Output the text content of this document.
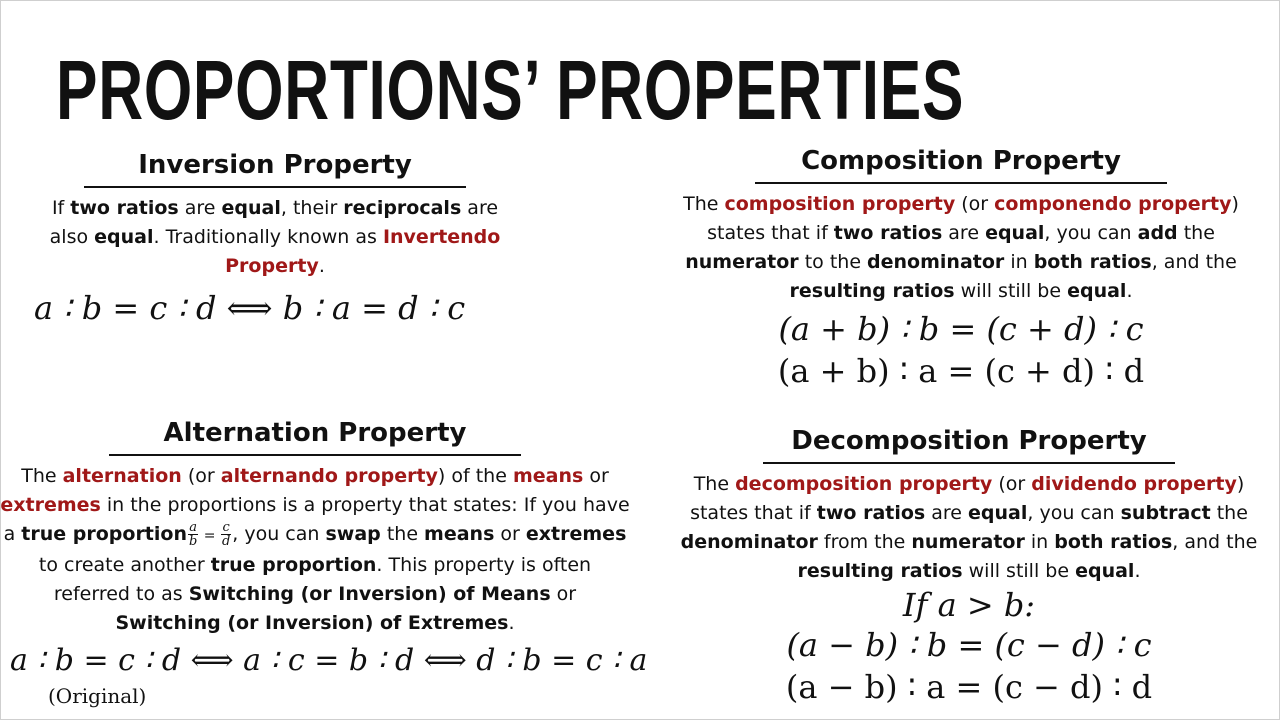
PROPORTIONS’ PROPERTIES
Inversion Property
If two ratios are equal, their reciprocals are also equal. Traditionally known as Invertendo Property.
a ∶ b = c ∶ d ⟺ b ∶ a = d ∶ c
Composition Property
The composition property (or componendo property) states that if two ratios are equal, you can add the numerator to the denominator in both ratios, and the resulting ratios will still be equal.
(a + b) ∶ b = (c + d) ∶ c
(a + b) ∶ a = (c + d) ∶ d
Alternation Property
The alternation (or alternando property) of the means or extremes in the proportions is a property that states: If you have a true proportion $\frac{a}{b} = \frac{c}{d}$ , you can swap the means or extremes to create another true proportion. This property is often referred to as Switching (or Inversion) of Means or Switching (or Inversion) of Extremes.
a ∶ b = c ∶ d ⟺ a ∶ c = b ∶ d ⟺ d ∶ b = c ∶ a
(Original)
Decomposition Property
The decomposition property (or dividendo property) states that if two ratios are equal, you can subtract the denominator from the numerator in both ratios, and the resulting ratios will still be equal.
If a > b:
(a − b) ∶ b = (c − d) ∶ c
(a − b) ∶ a = (c − d) ∶ d
